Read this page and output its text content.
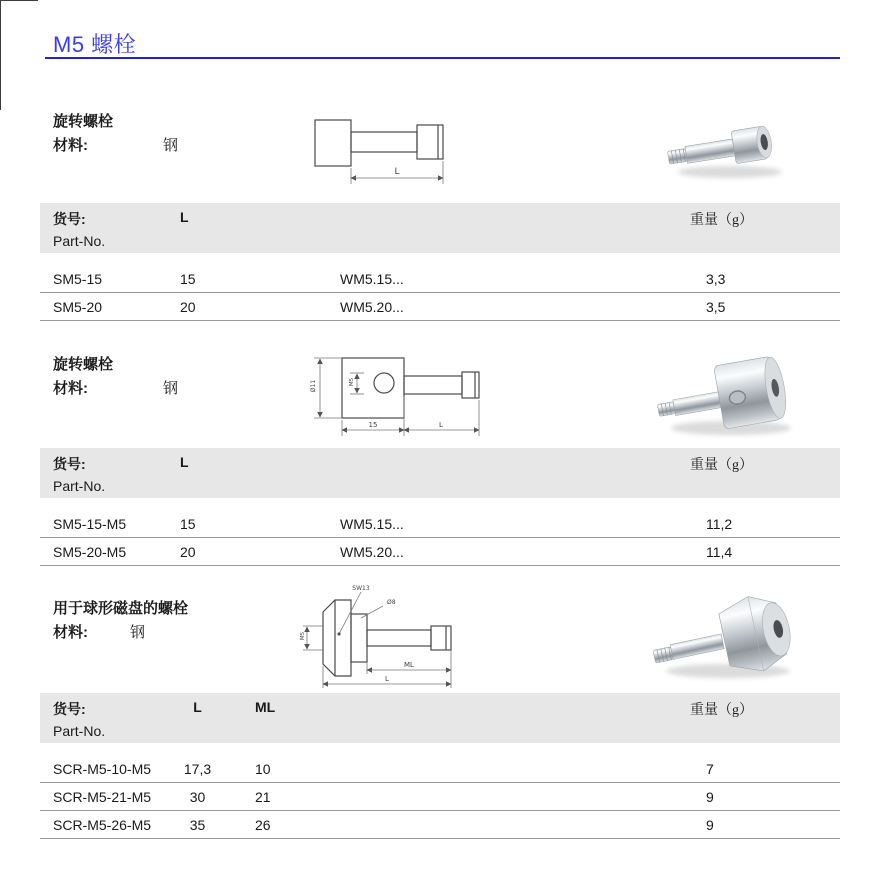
M5 螺栓
旋转螺栓
材料:	钢
L
货号:	L	重量（g）
Part-No.
SM5-15	15	WM5.15...	3,3
SM5-20	20	WM5.20...	3,5
旋转螺栓
材料:	钢	Ø11	M5
15	L
货号:	L	重量（g）
Part-No.
SM5-15-M5	15	WM5.15...	11,2
SM5-20-M5	20	WM5.20...	11,4
用于球形磁盘的螺栓
材料:	钢
SW13
Ø8
M5
ML
L
货号:	L	ML	重量（g）
Part-No.
SCR-M5-10-M5	17,3	10	7
SCR-M5-21-M5	30	21	9
SCR-M5-26-M5	35	26	9
